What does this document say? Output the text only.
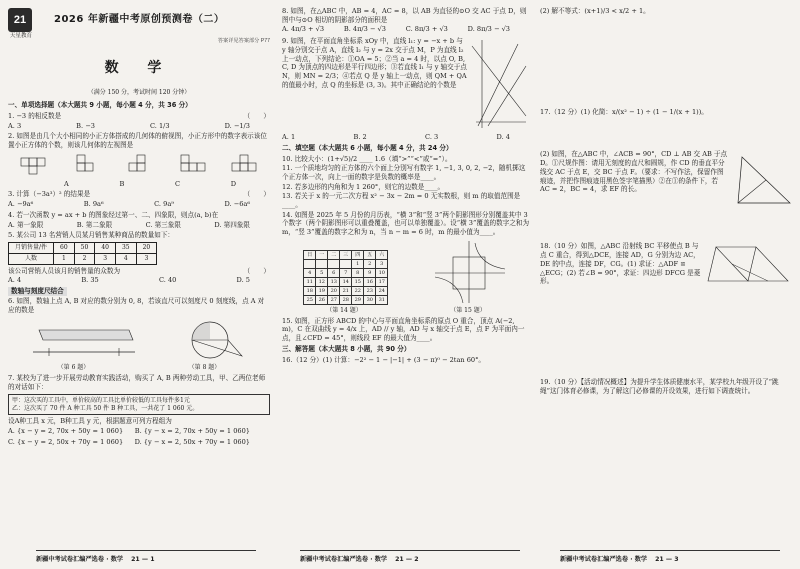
21	2026 年新疆中考原创预测卷（二）
天星教育
答案详见答案部分 P77
数 学
（满分 150 分，考试时间 120 分钟）
一、单项选择题（本大题共 9 小题，每小题 4 分，共 36 分）
1. −3 的相反数是	（　　）
A. 3	B. −3	C. 1/3	D. −1/3
2. 如图是由几个大小相同的小正方体搭成的几何体的俯视图，小正方形中的数字表示该位置小正方体的个数，则该几何体的左视图是
A	B	C	D
3. 计算（−3a³）² 的结果是	（　　）
A. −9a⁶	B. 9a⁶	C. 9a⁹	D. −6a⁶
4. 若一次函数 y = ax + b 的图象经过第一、二、四象限，则点(a, b)在
A. 第一象限	B. 第二象限	C. 第三象限	D. 第四象限
5. 某公司 13 名营销人员某月销售某种商品的数量如下：
月销售量/件	60	50	40	35	20
人数	1	2	3	4	3
该公司营销人员该月的销售量的众数为	（　　）
A. 4	B. 35	C. 40	D. 5
数轴与刻度尺结合
6. 如图，数轴上点 A, B 对应的数分别为 0, 8，若该直尺可以刻度尺 0 刻度线，点 A 对应的数是
（第 6 题）	（第 8 题）
7. 某校为了进一步开展劳动教育实践活动，购买了 A, B 两种劳动工具，甲、乙两位老师的对话如下：
甲：这次买的工具中，单价较高的工具比单价较低的工具每件多1元
乙：这次买了 70 件 A 种工具 50 件 B 种工具，一共花了 1 060 元。
设A种工具 x 元，B种工具 y 元，根据题意可列方程组为
A. {x − y = 2, 70x + 50y = 1 060} B. {y − x = 2, 70x + 50y = 1 060}
C. {x − y = 2, 50x + 70y = 1 060} D. {y − x = 2, 50x + 70y = 1 060}
8. 如图，在△ABC 中，AB = 4，AC = 8，以 AB 为直径的⊙O 交 AC 于点 D，则图中与⊙O 相切的阴影部分的面积是
A. 4π/3 + √3	B. 4π/3 − √3	C. 8π/3 + √3	D. 8π/3 − √3
9. 如图，在平面直角坐标系 xOy 中，直线 l₁: y = −x + b 与 y 轴分别交于点 A，直线 l₂ 与 y = 2x 交于点 M，P 为直线 l₂ 上一动点，下列结论：①OA = 5；②当 a = 4 时，以点 O, B, C, D 为顶点的四边形是平行四边形；③若直线 l₁ 与 y 轴交于点 N，则 MN = 2/3；④若点 Q 是 y 轴上一动点，则 QM + QA 的值最小时，点 Q 的坐标是 (3, 3)。其中正确结论的个数是
A. 1	B. 2	C. 3	D. 4
二、填空题（本大题共 6 小题，每小题 4 分，共 24 分）
10. 比较大小：(1+√5)/2 ____ 1.6（填“>”“<”或“=”）。
11. 一个质地均匀的正方体的六个面上分别写有数字 1, −1, 3, 0, 2, −2，随机掷这个正方体一次，向上一面的数字是负数的概率是____。
12. 若多边形的内角和为 1 260°，则它的边数是____。
13. 若关于 x 的一元二次方程 x² − 3x − 2m = 0 无实数根，则 m 的取值范围是____。
14. 如图是 2025 年 5 月份的月历表，“横 3”和“竖 3”两个阴影图形分别覆盖其中 3 个数字（两个阴影图形可以重叠覆盖，也可以单独覆盖）。设“横 3”覆盖的数字之和为 m，“竖 3”覆盖的数字之和为 n，当 n − m = 6 时，m 的最小值为____。
日	一	二	三	四	五	六
				1	2	3
4	5	6	7	8	9	10
11	12	13	14	15	16	17
18	19	20	21	22	23	24
25	26	27	28	29	30	31
（第 14 题）	（第 15 题）
15. 如图，正方形 ABCD 的中心与平面直角坐标系的原点 O 重合，顶点 A(−2, m)，C 在双曲线 y = 4/x 上，AD // y 轴，AD 与 x 轴交于点 E，点 F 为平面内一点，且∠CFD = 45°，则线段 EF 的最大值为____。
三、解答题（本大题共 8 小题，共 90 分）
16.（12 分）(1) 计算：−2² − 1 − |−1| + (3 − π)⁰ − 2tan 60°。
(2) 解不等式：(x+1)/3 < x/2 + 1。
17.（12 分）(1) 化简：x/(x² − 1) ÷ (1 − 1/(x + 1))。
(2) 如图，在△ABC 中，∠ACB = 90°，CD ⊥ AB 交 AB 于点 D。①尺规作图：请用无刻度的直尺和圆规，作 CD 的垂直平分线交 AC 于点 E，交 BC 于点 F。（要求：不写作法，保留作图痕迹，并把作图痕迹用黑色签字笔描黑）②在①的条件下，若 AC = 2，BC = 4，求 EF 的长。
18.（10 分）如图，△ABC 沿射线 BC 平移使点 B 与点 C 重合，得到△DCE，连接 AD，G 分别为边 AC，DE 的中点，连接 DF，CG。(1) 求证：△ADF ≌ △ECG；(2) 若∠B = 90°，求证：四边形 DFCG 是菱形。
19.（10 分）【活动情况概述】为提升学生体质健康水平，某学校九年级开设了“跳绳”这门体育必修课，为了解这门必修课的开设效果，进行如下调查统计。
新疆中考试卷汇编严选卷 · 数学 21 — 1	新疆中考试卷汇编严选卷 · 数学 21 — 2	新疆中考试卷汇编严选卷 · 数学 21 — 3
